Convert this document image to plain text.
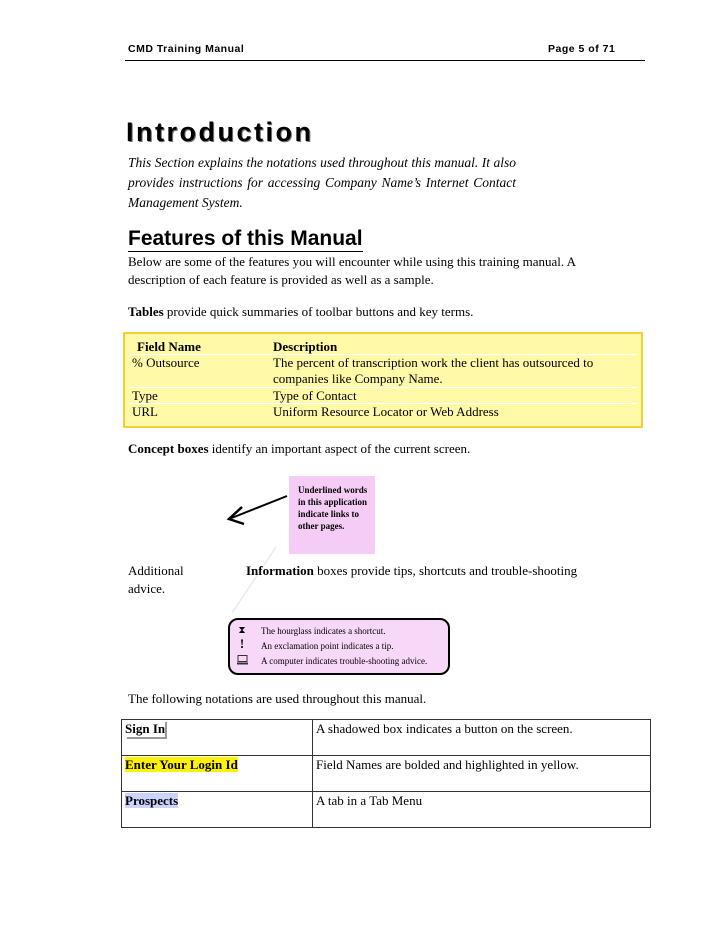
CMD Training Manual	Page 5 of 71
Introduction
This Section explains the notations used throughout this manual. It also provides instructions for accessing Company Name’s Internet Contact Management System.
Features of this Manual
Below are some of the features you will encounter while using this training manual. A description of each feature is provided as well as a sample.
Tables provide quick summaries of toolbar buttons and key terms.
Field Name	Description
% Outsource	The percent of transcription work the client has outsourced to companies like Company Name.
Type	Type of Contact
URL	Uniform Resource Locator or Web Address
Concept boxes identify an important aspect of the current screen.
Underlined words in this application indicate links to other pages.
Additional	Information boxes provide tips, shortcuts and trouble-shooting
advice.
⧗	The hourglass indicates a shortcut.
!	An exclamation point indicates a tip.
A computer indicates trouble-shooting advice.
The following notations are used throughout this manual.
Sign In	A shadowed box indicates a button on the screen.
Enter Your Login Id	Field Names are bolded and highlighted in yellow.
Prospects	A tab in a Tab Menu
